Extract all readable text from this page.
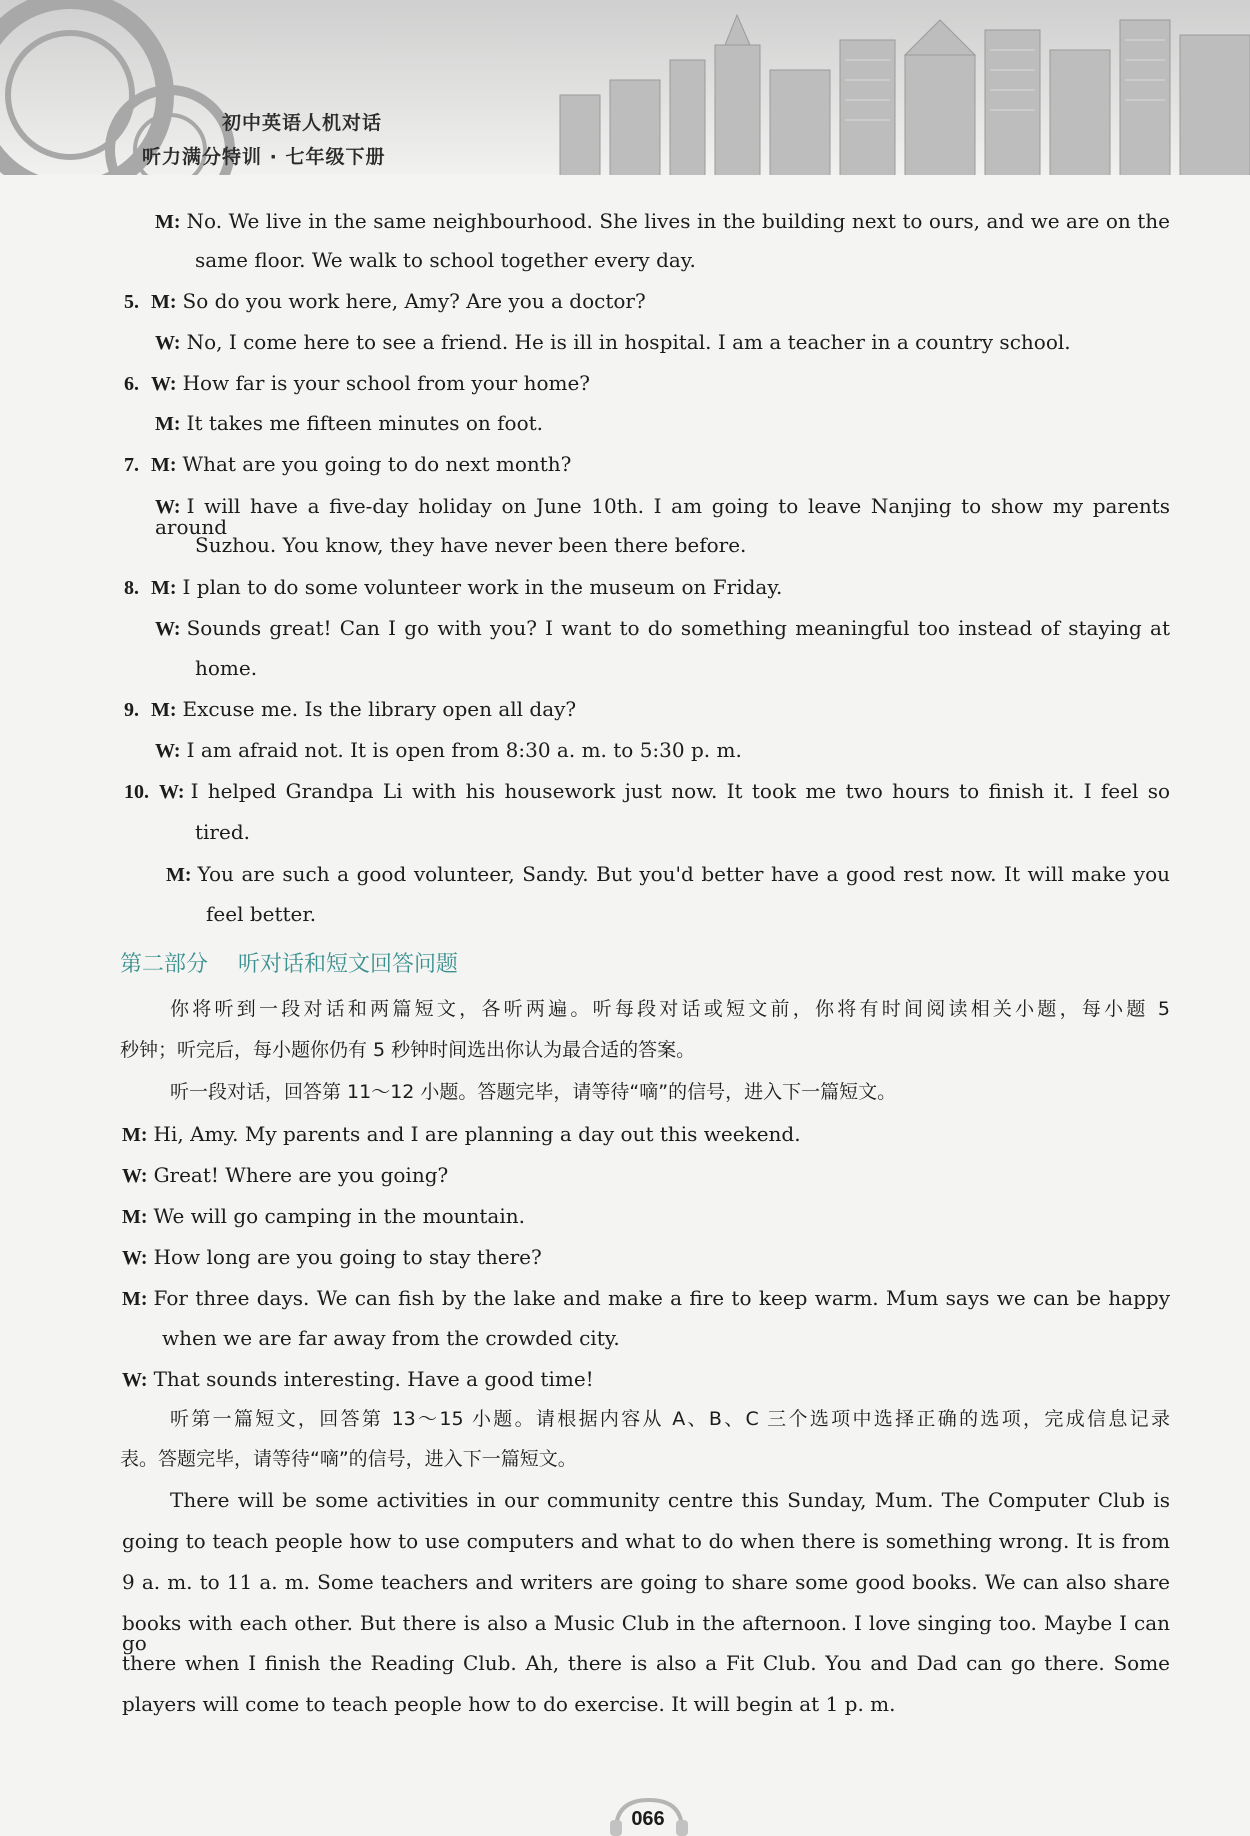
初中英语人机对话
听力满分特训 · 七年级下册
M: No. We live in the same neighbourhood. She lives in the building next to ours, and we are on the
same floor. We walk to school together every day.
5. M: So do you work here, Amy? Are you a doctor?
W: No, I come here to see a friend. He is ill in hospital. I am a teacher in a country school.
6. W: How far is your school from your home?
M: It takes me fifteen minutes on foot.
7. M: What are you going to do next month?
W: I will have a five-day holiday on June 10th. I am going to leave Nanjing to show my parents around
Suzhou. You know, they have never been there before.
8. M: I plan to do some volunteer work in the museum on Friday.
W: Sounds great! Can I go with you? I want to do something meaningful too instead of staying at
home.
9. M: Excuse me. Is the library open all day?
W: I am afraid not. It is open from 8:30 a. m. to 5:30 p. m.
10. W: I helped Grandpa Li with his housework just now. It took me two hours to finish it. I feel so
tired.
M: You are such a good volunteer, Sandy. But you'd better have a good rest now. It will make you
feel better.
你将听到一段对话和两篇短文，各听两遍。听每段对话或短文前，你将有时间阅读相关小题，每小题 5
秒钟；听完后，每小题你仍有 5 秒钟时间选出你认为最合适的答案。
听一段对话，回答第 11～12 小题。答题完毕，请等待“嘀”的信号，进入下一篇短文。
M: Hi, Amy. My parents and I are planning a day out this weekend.
W: Great! Where are you going?
M: We will go camping in the mountain.
W: How long are you going to stay there?
M: For three days. We can fish by the lake and make a fire to keep warm. Mum says we can be happy
when we are far away from the crowded city.
W: That sounds interesting. Have a good time!
听第一篇短文，回答第 13～15 小题。请根据内容从 A、B、C 三个选项中选择正确的选项，完成信息记录
表。答题完毕，请等待“嘀”的信号，进入下一篇短文。
There will be some activities in our community centre this Sunday, Mum. The Computer Club is
going to teach people how to use computers and what to do when there is something wrong. It is from
9 a. m. to 11 a. m. Some teachers and writers are going to share some good books. We can also share
books with each other. But there is also a Music Club in the afternoon. I love singing too. Maybe I can go
there when I finish the Reading Club. Ah, there is also a Fit Club. You and Dad can go there. Some
players will come to teach people how to do exercise. It will begin at 1 p. m.
第二部分 听对话和短文回答问题
066
